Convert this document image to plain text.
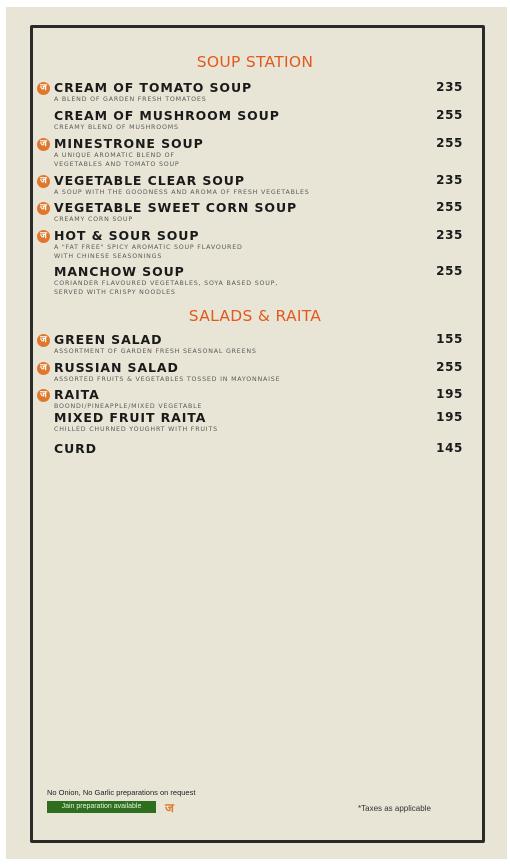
SOUP STATION
ज CREAM OF TOMATO SOUP
A BLEND OF GARDEN FRESH TOMATOES
235
CREAM OF MUSHROOM SOUP
CREAMY BLEND OF MUSHROOMS
255
ज MINESTRONE SOUP
A UNIQUE AROMATIC BLEND OF
VEGETABLES AND TOMATO SOUP
255
ज VEGETABLE CLEAR SOUP
A SOUP WITH THE GOODNESS AND AROMA OF FRESH VEGETABLES
235
ज VEGETABLE SWEET CORN SOUP
CREAMY CORN SOUP
255
ज HOT & SOUR SOUP
A "FAT FREE" SPICY AROMATIC SOUP FLAVOURED
WITH CHINESE SEASONINGS
235
MANCHOW SOUP
CORIANDER FLAVOURED VEGETABLES, SOYA BASED SOUP,
SERVED WITH CRISPY NOODLES
255
SALADS & RAITA
ज GREEN SALAD
ASSORTMENT OF GARDEN FRESH SEASONAL GREENS
155
ज RUSSIAN SALAD
ASSORTED FRUITS & VEGETABLES TOSSED IN MAYONNAISE
255
ज RAITA
BOONDI/PINEAPPLE/MIXED VEGETABLE
195
MIXED FRUIT RAITA
CHILLED CHURNED YOUGHRT WITH FRUITS
195
CURD	145
No Onion, No Garlic preparations on request
Jain preparation available	ज	*Taxes as applicable
